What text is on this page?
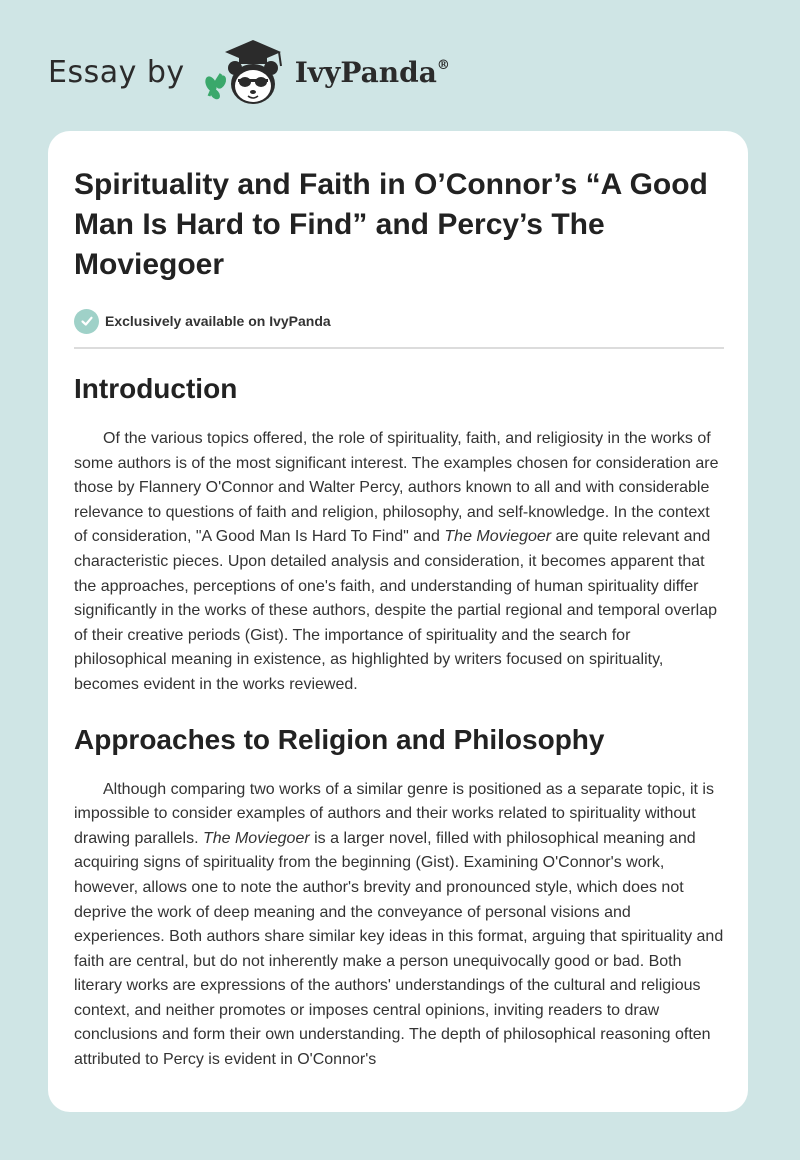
Essay by	IvyPanda®
Spirituality and Faith in O’Connor’s “A Good Man Is Hard to Find” and Percy’s The Moviegoer
Exclusively available on IvyPanda
Introduction

Of the various topics offered, the role of spirituality, faith, and religiosity in the works of some authors is of the most significant interest. The examples chosen for consideration are those by Flannery O'Connor and Walter Percy, authors known to all and with considerable relevance to questions of faith and religion, philosophy, and self-knowledge. In the context of consideration, "A Good Man Is Hard To Find" and The Moviegoer are quite relevant and characteristic pieces. Upon detailed analysis and consideration, it becomes apparent that the approaches, perceptions of one's faith, and understanding of human spirituality differ significantly in the works of these authors, despite the partial regional and temporal overlap of their creative periods (Gist). The importance of spirituality and the search for philosophical meaning in existence, as highlighted by writers focused on spirituality, becomes evident in the works reviewed.

Approaches to Religion and Philosophy

Although comparing two works of a similar genre is positioned as a separate topic, it is impossible to consider examples of authors and their works related to spirituality without drawing parallels. The Moviegoer is a larger novel, filled with philosophical meaning and acquiring signs of spirituality from the beginning (Gist). Examining O'Connor's work, however, allows one to note the author's brevity and pronounced style, which does not deprive the work of deep meaning and the conveyance of personal visions and experiences. Both authors share similar key ideas in this format, arguing that spirituality and faith are central, but do not inherently make a person unequivocally good or bad. Both literary works are expressions of the authors' understandings of the cultural and religious context, and neither promotes or imposes central opinions, inviting readers to draw conclusions and form their own understanding. The depth of philosophical reasoning often attributed to Percy is evident in O'Connor's
